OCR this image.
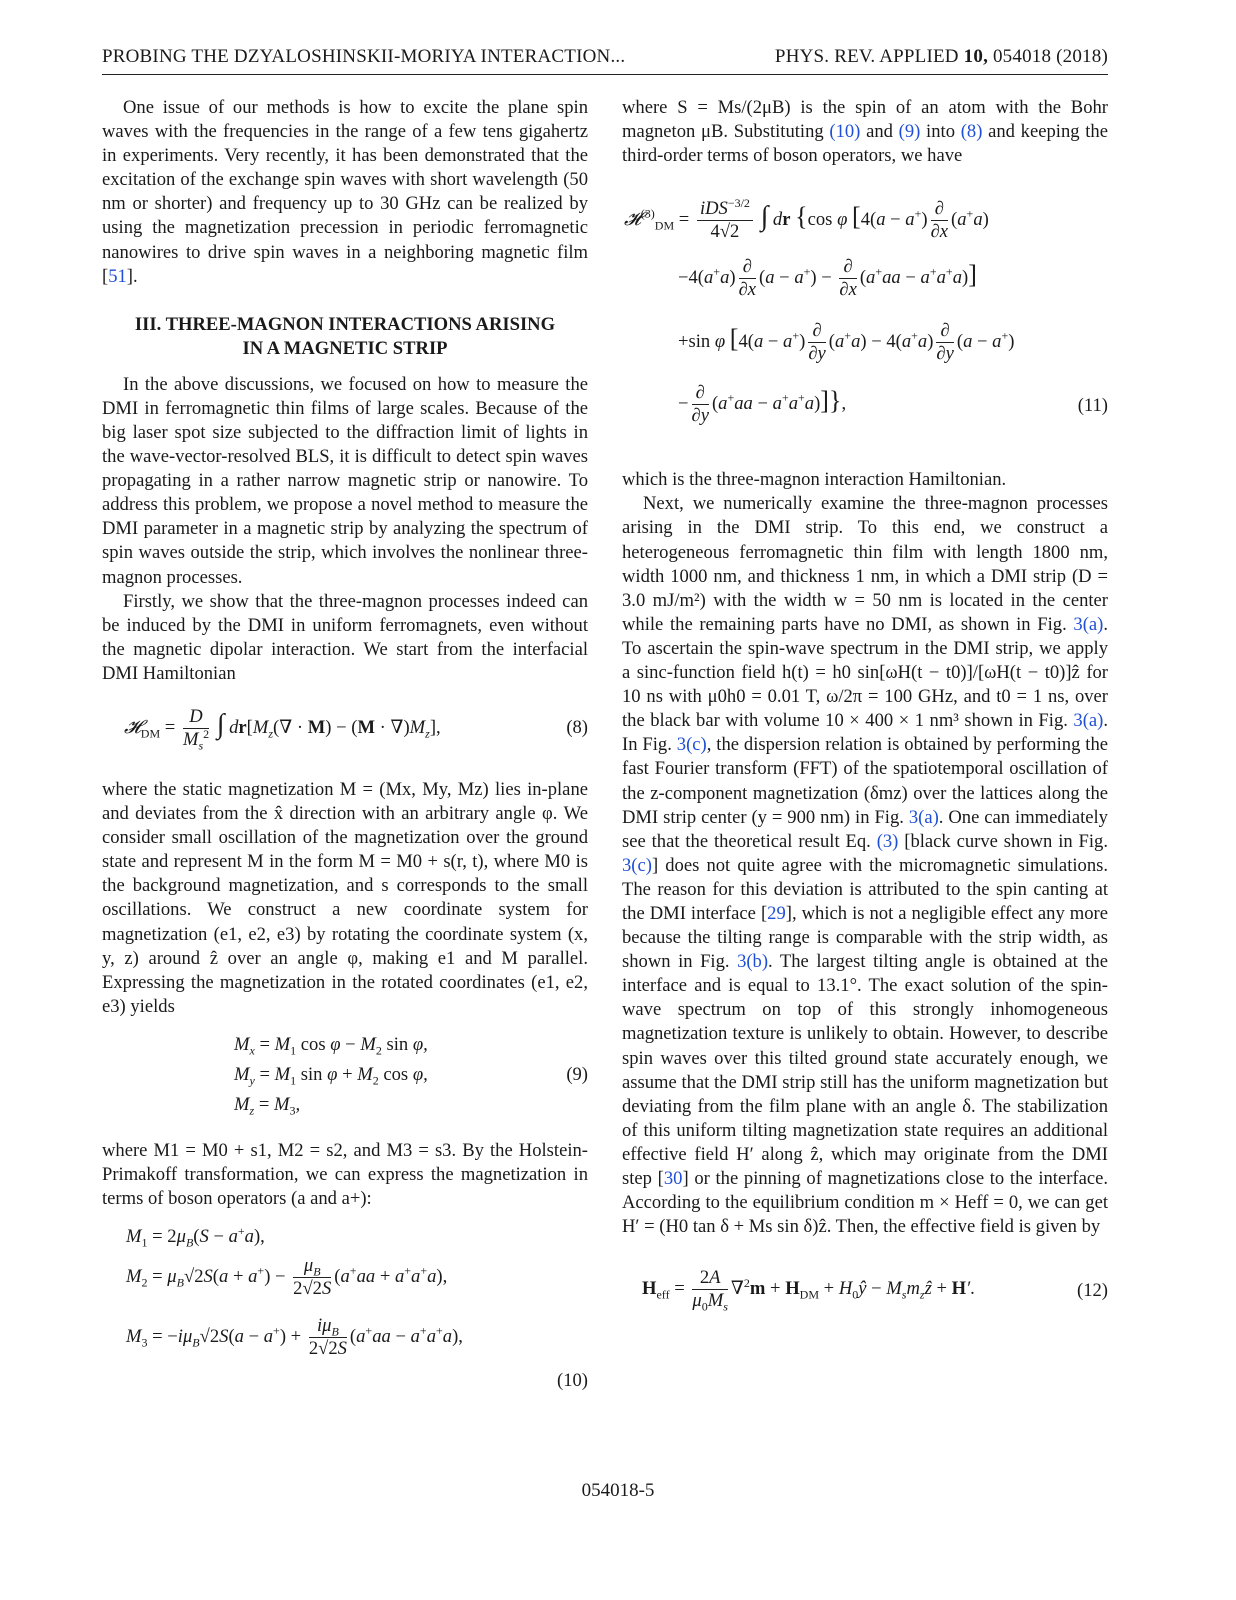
PROBING THE DZYALOSHINSKII-MORIYA INTERACTION...	PHYS. REV. APPLIED 10, 054018 (2018)

One issue of our methods is how to excite the plane spin waves with the frequencies in the range of a few tens gigahertz in experiments. Very recently, it has been demonstrated that the excitation of the exchange spin waves with short wavelength (50 nm or shorter) and frequency up to 30 GHz can be realized by using the magnetization precession in periodic ferromagnetic nanowires to drive spin waves in a neighboring magnetic film [51].

III. THREE-MAGNON INTERACTIONS ARISING
IN A MAGNETIC STRIP

In the above discussions, we focused on how to measure the DMI in ferromagnetic thin films of large scales. Because of the big laser spot size subjected to the diffraction limit of lights in the wave-vector-resolved BLS, it is difficult to detect spin waves propagating in a rather narrow magnetic strip or nanowire. To address this problem, we propose a novel method to measure the DMI parameter in a magnetic strip by analyzing the spectrum of spin waves outside the strip, which involves the nonlinear three-magnon processes.

Firstly, we show that the three-magnon processes indeed can be induced by the DMI in uniform ferromagnets, even without the magnetic dipolar interaction. We start from the interfacial DMI Hamiltonian

𝓗$_{DM}$ = $\frac{D}{M_s^2}$ ∫ $dr[M_z(\nabla \cdot M) - (M \cdot \nabla)M_z]$,	(8)

where the static magnetization M = (Mx, My, Mz) lies in-plane and deviates from the x̂ direction with an arbitrary angle φ. We consider small oscillation of the magnetization over the ground state and represent M in the form M = M0 + s(r, t), where M0 is the background magnetization, and s corresponds to the small oscillations. We construct a new coordinate system for magnetization (e1, e2, e3) by rotating the coordinate system (x, y, z) around ẑ over an angle φ, making e1 and M parallel. Expressing the magnetization in the rotated coordinates (e1, e2, e3) yields

$M_x = M_1$ $\cos \varphi - M_2$ sin φ,
$M_y = M_1$ $\sin \varphi + M_2$ cos φ,
$M_z = M_3$,
(9)

where M1 = M0 + s1, M2 = s2, and M3 = s3. By the Holstein-Primakoff transformation, we can express the magnetization in terms of boson operators (a and a+):

$M_1 = 2\mu_B(S - a^+a)$,
$M_2 = \mu_B√2S(a + a^+) - \frac{\mu_B}{2√2S} (a^+aa + a^+a^+a)$,
$M_3 = -i\mu_B√2S(a - a^+) + \frac{i\mu_B}{2√2S} (a^+aa - a^+a^+a)$,
(10)

where S = Ms/(2μB) is the spin of an atom with the Bohr magneton μB. Substituting (10) and (9) into (8) and keeping the third-order terms of boson operators, we have

𝓗$^{(3)}_{DM}$ = $\frac{iDS^{-3/2}}{4√2}$ ∫ dr {cos φ [$4(a - a^+) \frac{\partial}{\partial x} (a^+a)$
$-4(a^+a) \frac{\partial}{\partial x} (a - a^+) - \frac{\partial}{\partial x} (a^+aa - a^+a^+a)$]
+sin φ [$4(a - a^+) \frac{\partial}{\partial y} (a^+a) - 4(a^+a) \frac{\partial}{\partial y} (a - a^+)$
− $\frac{\partial}{\partial y} (a^+aa - a^+a^+a)$]},	(11)

which is the three-magnon interaction Hamiltonian.

Next, we numerically examine the three-magnon processes arising in the DMI strip. To this end, we construct a heterogeneous ferromagnetic thin film with length 1800 nm, width 1000 nm, and thickness 1 nm, in which a DMI strip (D = 3.0 mJ/m²) with the width w = 50 nm is located in the center while the remaining parts have no DMI, as shown in Fig. 3(a). To ascertain the spin-wave spectrum in the DMI strip, we apply a sinc-function field h(t) = h0 sin[ωH(t − t0)]/[ωH(t − t0)]ẑ for 10 ns with μ0h0 = 0.01 T, ω/2π = 100 GHz, and t0 = 1 ns, over the black bar with volume 10 × 400 × 1 nm³ shown in Fig. 3(a). In Fig. 3(c), the dispersion relation is obtained by performing the fast Fourier transform (FFT) of the spatiotemporal oscillation of the z-component magnetization (δmz) over the lattices along the DMI strip center (y = 900 nm) in Fig. 3(a). One can immediately see that the theoretical result Eq. (3) [black curve shown in Fig. 3(c)] does not quite agree with the micromagnetic simulations. The reason for this deviation is attributed to the spin canting at the DMI interface [29], which is not a negligible effect any more because the tilting range is comparable with the strip width, as shown in Fig. 3(b). The largest tilting angle is obtained at the interface and is equal to 13.1°. The exact solution of the spin-wave spectrum on top of this strongly inhomogeneous magnetization texture is unlikely to obtain. However, to describe spin waves over this tilted ground state accurately enough, we assume that the DMI strip still has the uniform magnetization but deviating from the film plane with an angle δ. The stabilization of this uniform tilting magnetization state requires an additional effective field H′ along ẑ, which may originate from the DMI step [30] or the pinning of magnetizations close to the interface. According to the equilibrium condition m × Heff = 0, we can get H′ = (H0 tan δ + Ms sin δ)ẑ. Then, the effective field is given by

$H_{eff} = \frac{2A}{\mu_0M_s} \nabla^2m + H_{DM}$ + $H_0ŷ$ − $M_sm_zẑ + H'$.	(12)
054018-5
